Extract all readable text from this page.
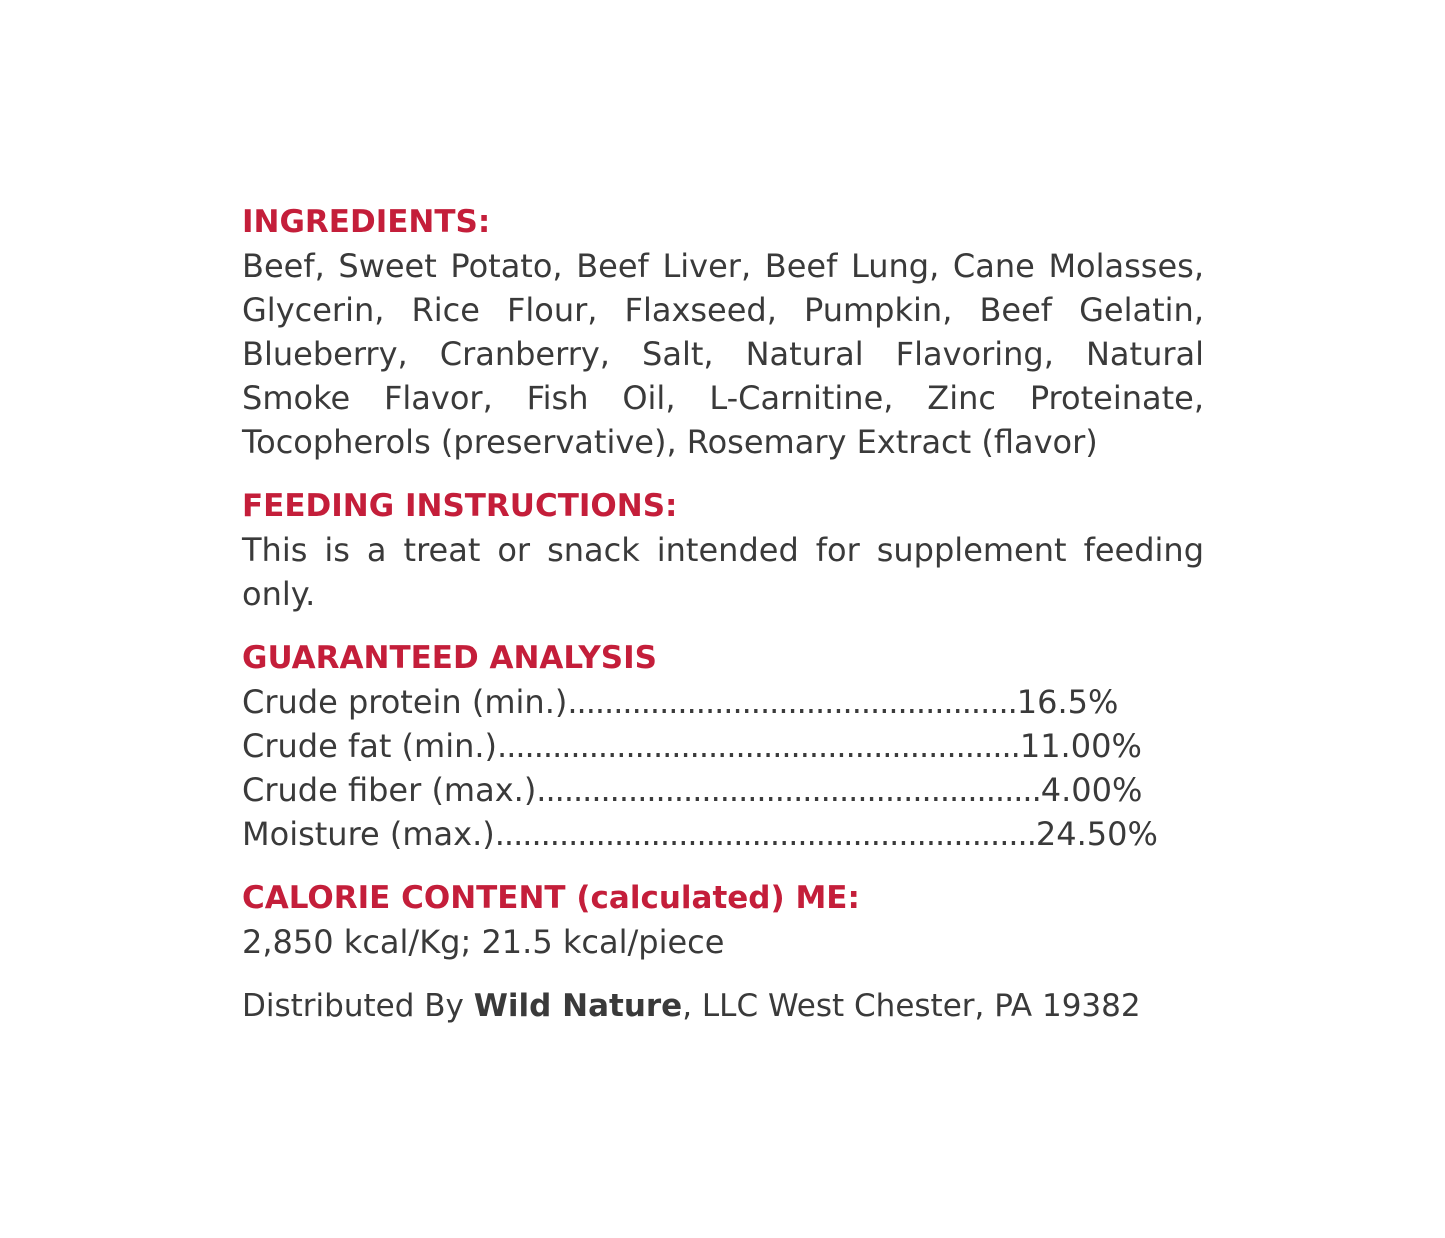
INGREDIENTS:

Beef, Sweet Potato, Beef Liver, Beef Lung, Cane Molasses, Glycerin, Rice Flour, Flaxseed, Pumpkin, Beef Gelatin, Blueberry, Cranberry, Salt, Natural Flavoring, Natural Smoke Flavor, Fish Oil, L-Carnitine, Zinc Proteinate, Tocopherols (preservative), Rosemary Extract (flavor)

FEEDING INSTRUCTIONS:

This is a treat or snack intended for supplement feeding only.

GUARANTEED ANALYSIS

Crude protein (min.) ................................................. 16.5%
Crude fat (min.) ......................................................... 11.00%
Crude fiber (max.) ....................................................... 4.00%
Moisture (max.) ........................................................... 24.50%

CALORIE CONTENT (calculated) ME:

2,850 kcal/Kg; 21.5 kcal/piece

Distributed By Wild Nature, LLC West Chester, PA 19382
